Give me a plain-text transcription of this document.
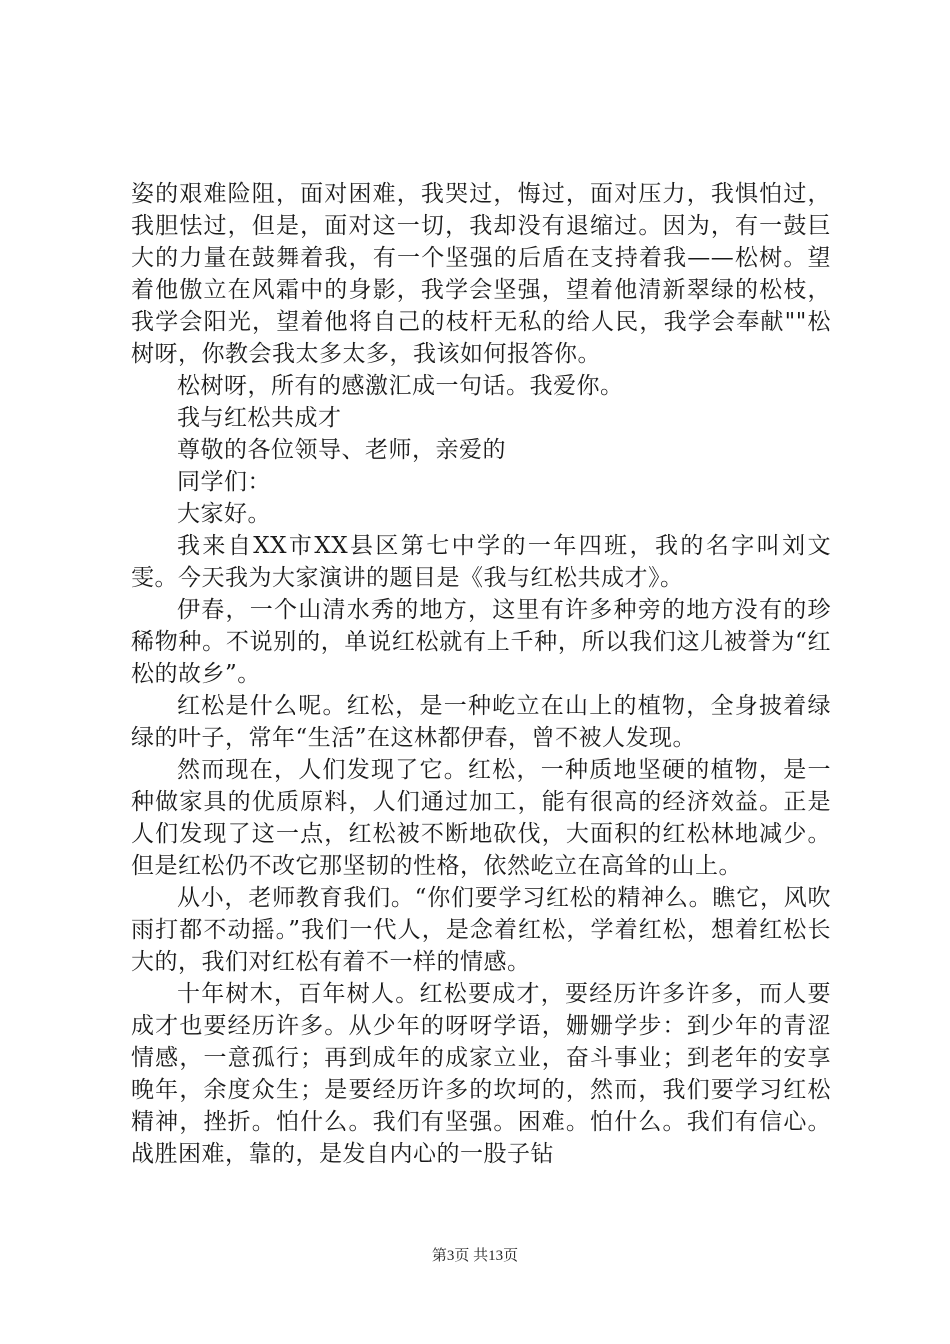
姿的艰难险阻，面对困难，我哭过，悔过，面对压力，我惧怕过，我胆怯过，但是，面对这一切，我却没有退缩过。因为，有一鼓巨大的力量在鼓舞着我，有一个坚强的后盾在支持着我——松树。望着他傲立在风霜中的身影，我学会坚强，望着他清新翠绿的松枝，我学会阳光，望着他将自己的枝杆无私的给人民，我学会奉献""松树呀，你教会我太多太多，我该如何报答你。

松树呀，所有的感激汇成一句话。我爱你。

我与红松共成才

尊敬的各位领导、老师，亲爱的

同学们：

大家好。

我来自XX市XX县区第七中学的一年四班，我的名字叫刘文雯。今天我为大家演讲的题目是《我与红松共成才》。

伊春，一个山清水秀的地方，这里有许多种旁的地方没有的珍稀物种。不说别的，单说红松就有上千种，所以我们这儿被誉为“红松的故乡”。

红松是什么呢。红松，是一种屹立在山上的植物，全身披着绿绿的叶子，常年“生活”在这林都伊春，曾不被人发现。

然而现在，人们发现了它。红松，一种质地坚硬的植物，是一种做家具的优质原料，人们通过加工，能有很高的经济效益。正是人们发现了这一点，红松被不断地砍伐，大面积的红松林地减少。但是红松仍不改它那坚韧的性格，依然屹立在高耸的山上。

从小，老师教育我们。“你们要学习红松的精神么。瞧它，风吹雨打都不动摇。”我们一代人，是念着红松，学着红松，想着红松长大的，我们对红松有着不一样的情感。

十年树木，百年树人。红松要成才，要经历许多许多，而人要成才也要经历许多。从少年的呀呀学语，姗姗学步：到少年的青涩情感，一意孤行；再到成年的成家立业，奋斗事业；到老年的安享晚年，余度众生；是要经历许多的坎坷的，然而，我们要学习红松精神，挫折。怕什么。我们有坚强。困难。怕什么。我们有信心。战胜困难，靠的，是发自内心的一股子钻

第3页 共13页
